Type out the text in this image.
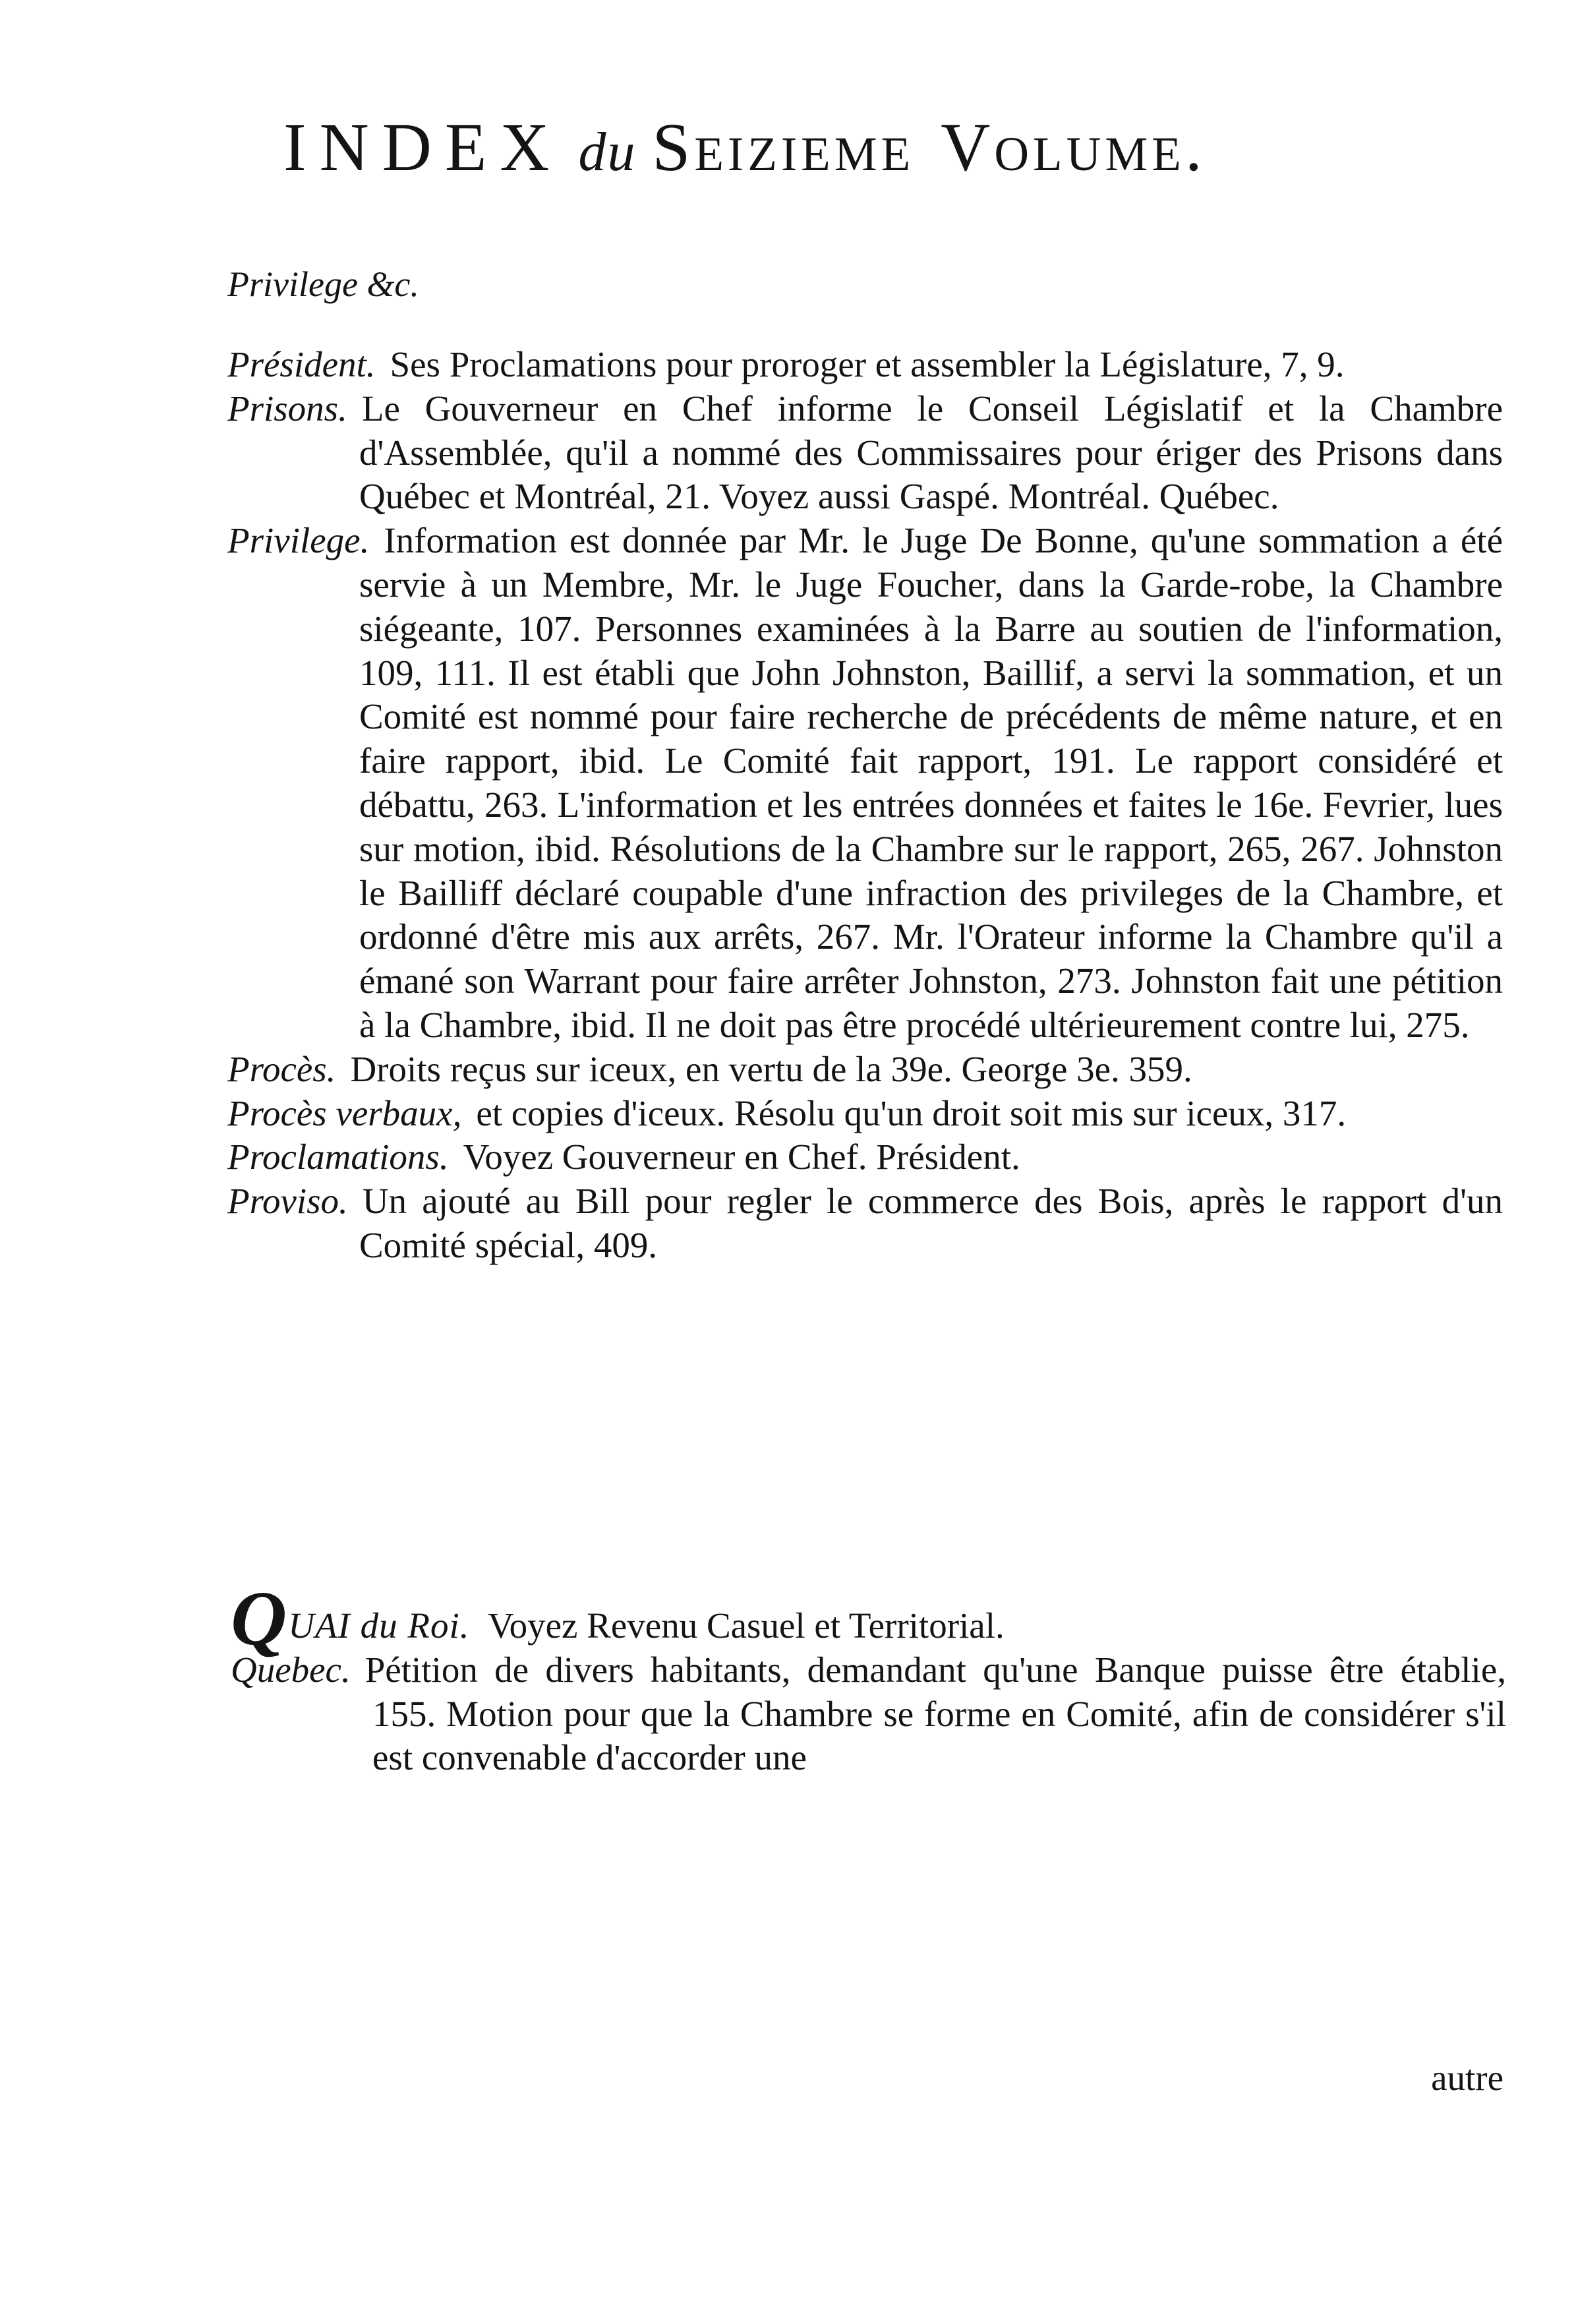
INDEX du Seizieme Volume.
Privilege &c.

Président. Ses Proclamations pour proroger et assembler la Législature, 7, 9.

Prisons. Le Gouverneur en Chef informe le Conseil Législatif et la Chambre d'Assemblée, qu'il a nommé des Commissaires pour ériger des Prisons dans Québec et Montréal, 21. Voyez aussi Gaspé. Montréal. Québec.

Privilege. Information est donnée par Mr. le Juge De Bonne, qu'une sommation a été servie à un Membre, Mr. le Juge Foucher, dans la Garde-robe, la Chambre siégeante, 107. Personnes examinées à la Barre au soutien de l'information, 109, 111. Il est établi que John Johnston, Baillif, a servi la sommation, et un Comité est nommé pour faire recherche de précédents de même nature, et en faire rapport, ibid. Le Comité fait rapport, 191. Le rapport considéré et débattu, 263. L'information et les entrées données et faites le 16e. Fevrier, lues sur motion, ibid. Résolutions de la Chambre sur le rapport, 265, 267. Johnston le Bailliff déclaré coupable d'une infraction des privileges de la Chambre, et ordonné d'être mis aux arrêts, 267. Mr. l'Orateur informe la Chambre qu'il a émané son Warrant pour faire arrêter Johnston, 273. Johnston fait une pétition à la Chambre, ibid. Il ne doit pas être procédé ultérieurement contre lui, 275.

Procès. Droits reçus sur iceux, en vertu de la 39e. George 3e. 359.

Procès verbaux, et copies d'iceux. Résolu qu'un droit soit mis sur iceux, 317.

Proclamations. Voyez Gouverneur en Chef. Président.

Proviso. Un ajouté au Bill pour regler le commerce des Bois, après le rapport d'un Comité spécial, 409.

QUAI du Roi. Voyez Revenu Casuel et Territorial.

Quebec. Pétition de divers habitants, demandant qu'une Banque puisse être établie, 155. Motion pour que la Chambre se forme en Comité, afin de considérer s'il est convenable d'accorder une

autre
